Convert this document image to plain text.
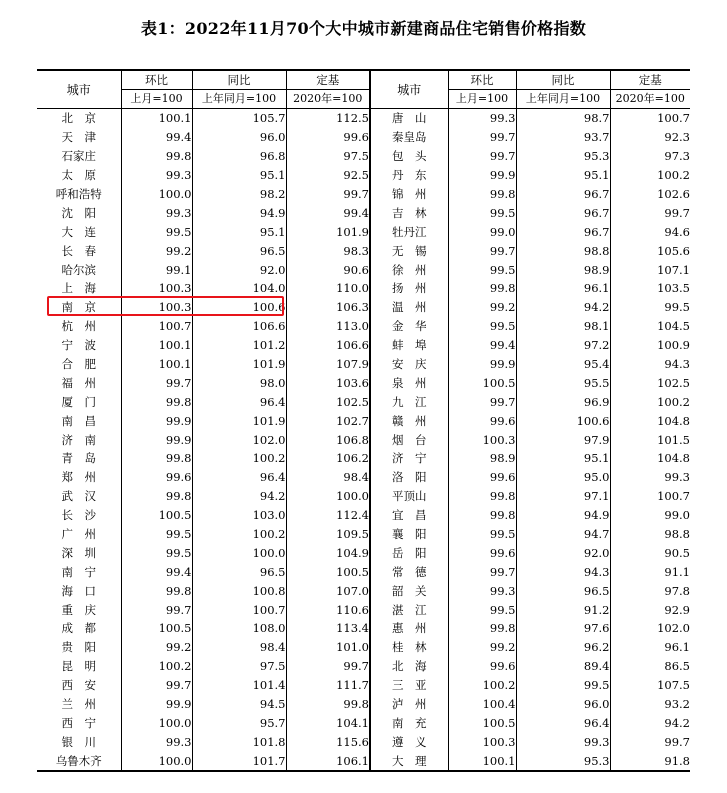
表1：2022年11月70个大中城市新建商品住宅销售价格指数
城市	环比	同比	定基	城市	环比	同比	定基
	上月=100	上年同月=100	2020年=100		上月=100	上年同月=100	2020年=100
北　京	100.1	105.7	112.5	唐　山	99.3	98.7	100.7
天　津	99.4	96.0	99.6	秦皇岛	99.7	93.7	92.3
石家庄	99.8	96.8	97.5	包　头	99.7	95.3	97.3
太　原	99.3	95.1	92.5	丹　东	99.9	95.1	100.2
呼和浩特	100.0	98.2	99.7	锦　州	99.8	96.7	102.6
沈　阳	99.3	94.9	99.4	吉　林	99.5	96.7	99.7
大　连	99.5	95.1	101.9	牡丹江	99.0	96.7	94.6
长　春	99.2	96.5	98.3	无　锡	99.7	98.8	105.6
哈尔滨	99.1	92.0	90.6	徐　州	99.5	98.9	107.1
上　海	100.3	104.0	110.0	扬　州	99.8	96.1	103.5
南　京	100.3	100.6	106.3	温　州	99.2	94.2	99.5
杭　州	100.7	106.6	113.0	金　华	99.5	98.1	104.5
宁　波	100.1	101.2	106.6	蚌　埠	99.4	97.2	100.9
合　肥	100.1	101.9	107.9	安　庆	99.9	95.4	94.3
福　州	99.7	98.0	103.6	泉　州	100.5	95.5	102.5
厦　门	99.8	96.4	102.5	九　江	99.7	96.9	100.2
南　昌	99.9	101.9	102.7	赣　州	99.6	100.6	104.8
济　南	99.9	102.0	106.8	烟　台	100.3	97.9	101.5
青　岛	99.8	100.2	106.2	济　宁	98.9	95.1	104.8
郑　州	99.6	96.4	98.4	洛　阳	99.6	95.0	99.3
武　汉	99.8	94.2	100.0	平顶山	99.8	97.1	100.7
长　沙	100.5	103.0	112.4	宜　昌	99.8	94.9	99.0
广　州	99.5	100.2	109.5	襄　阳	99.5	94.7	98.8
深　圳	99.5	100.0	104.9	岳　阳	99.6	92.0	90.5
南　宁	99.4	96.5	100.5	常　德	99.7	94.3	91.1
海　口	99.8	100.8	107.0	韶　关	99.3	96.5	97.8
重　庆	99.7	100.7	110.6	湛　江	99.5	91.2	92.9
成　都	100.5	108.0	113.4	惠　州	99.8	97.6	102.0
贵　阳	99.2	98.4	101.0	桂　林	99.2	96.2	96.1
昆　明	100.2	97.5	99.7	北　海	99.6	89.4	86.5
西　安	99.7	101.4	111.7	三　亚	100.2	99.5	107.5
兰　州	99.9	94.5	99.8	泸　州	100.4	96.0	93.2
西　宁	100.0	95.7	104.1	南　充	100.5	96.4	94.2
银　川	99.3	101.8	115.6	遵　义	100.3	99.3	99.7
乌鲁木齐	100.0	101.7	106.1	大　理	100.1	95.3	91.8
